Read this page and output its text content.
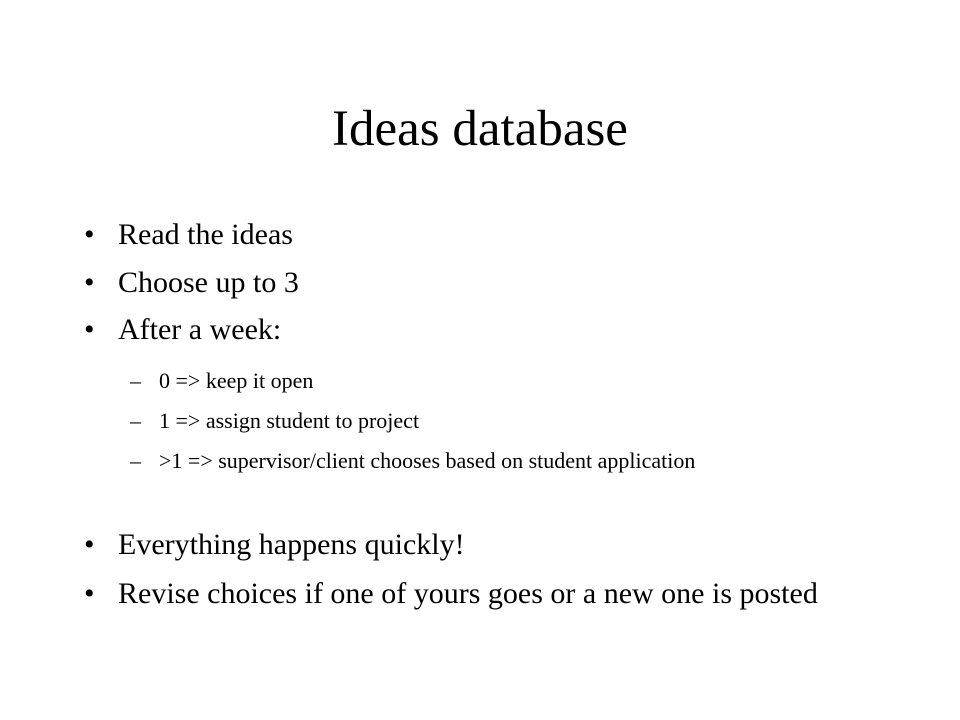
Ideas database
• Read the ideas
• Choose up to 3
• After a week:
– 0 => keep it open
– 1 => assign student to project
– >1 => supervisor/client chooses based on student application
• Everything happens quickly!
• Revise choices if one of yours goes or a new one is posted
